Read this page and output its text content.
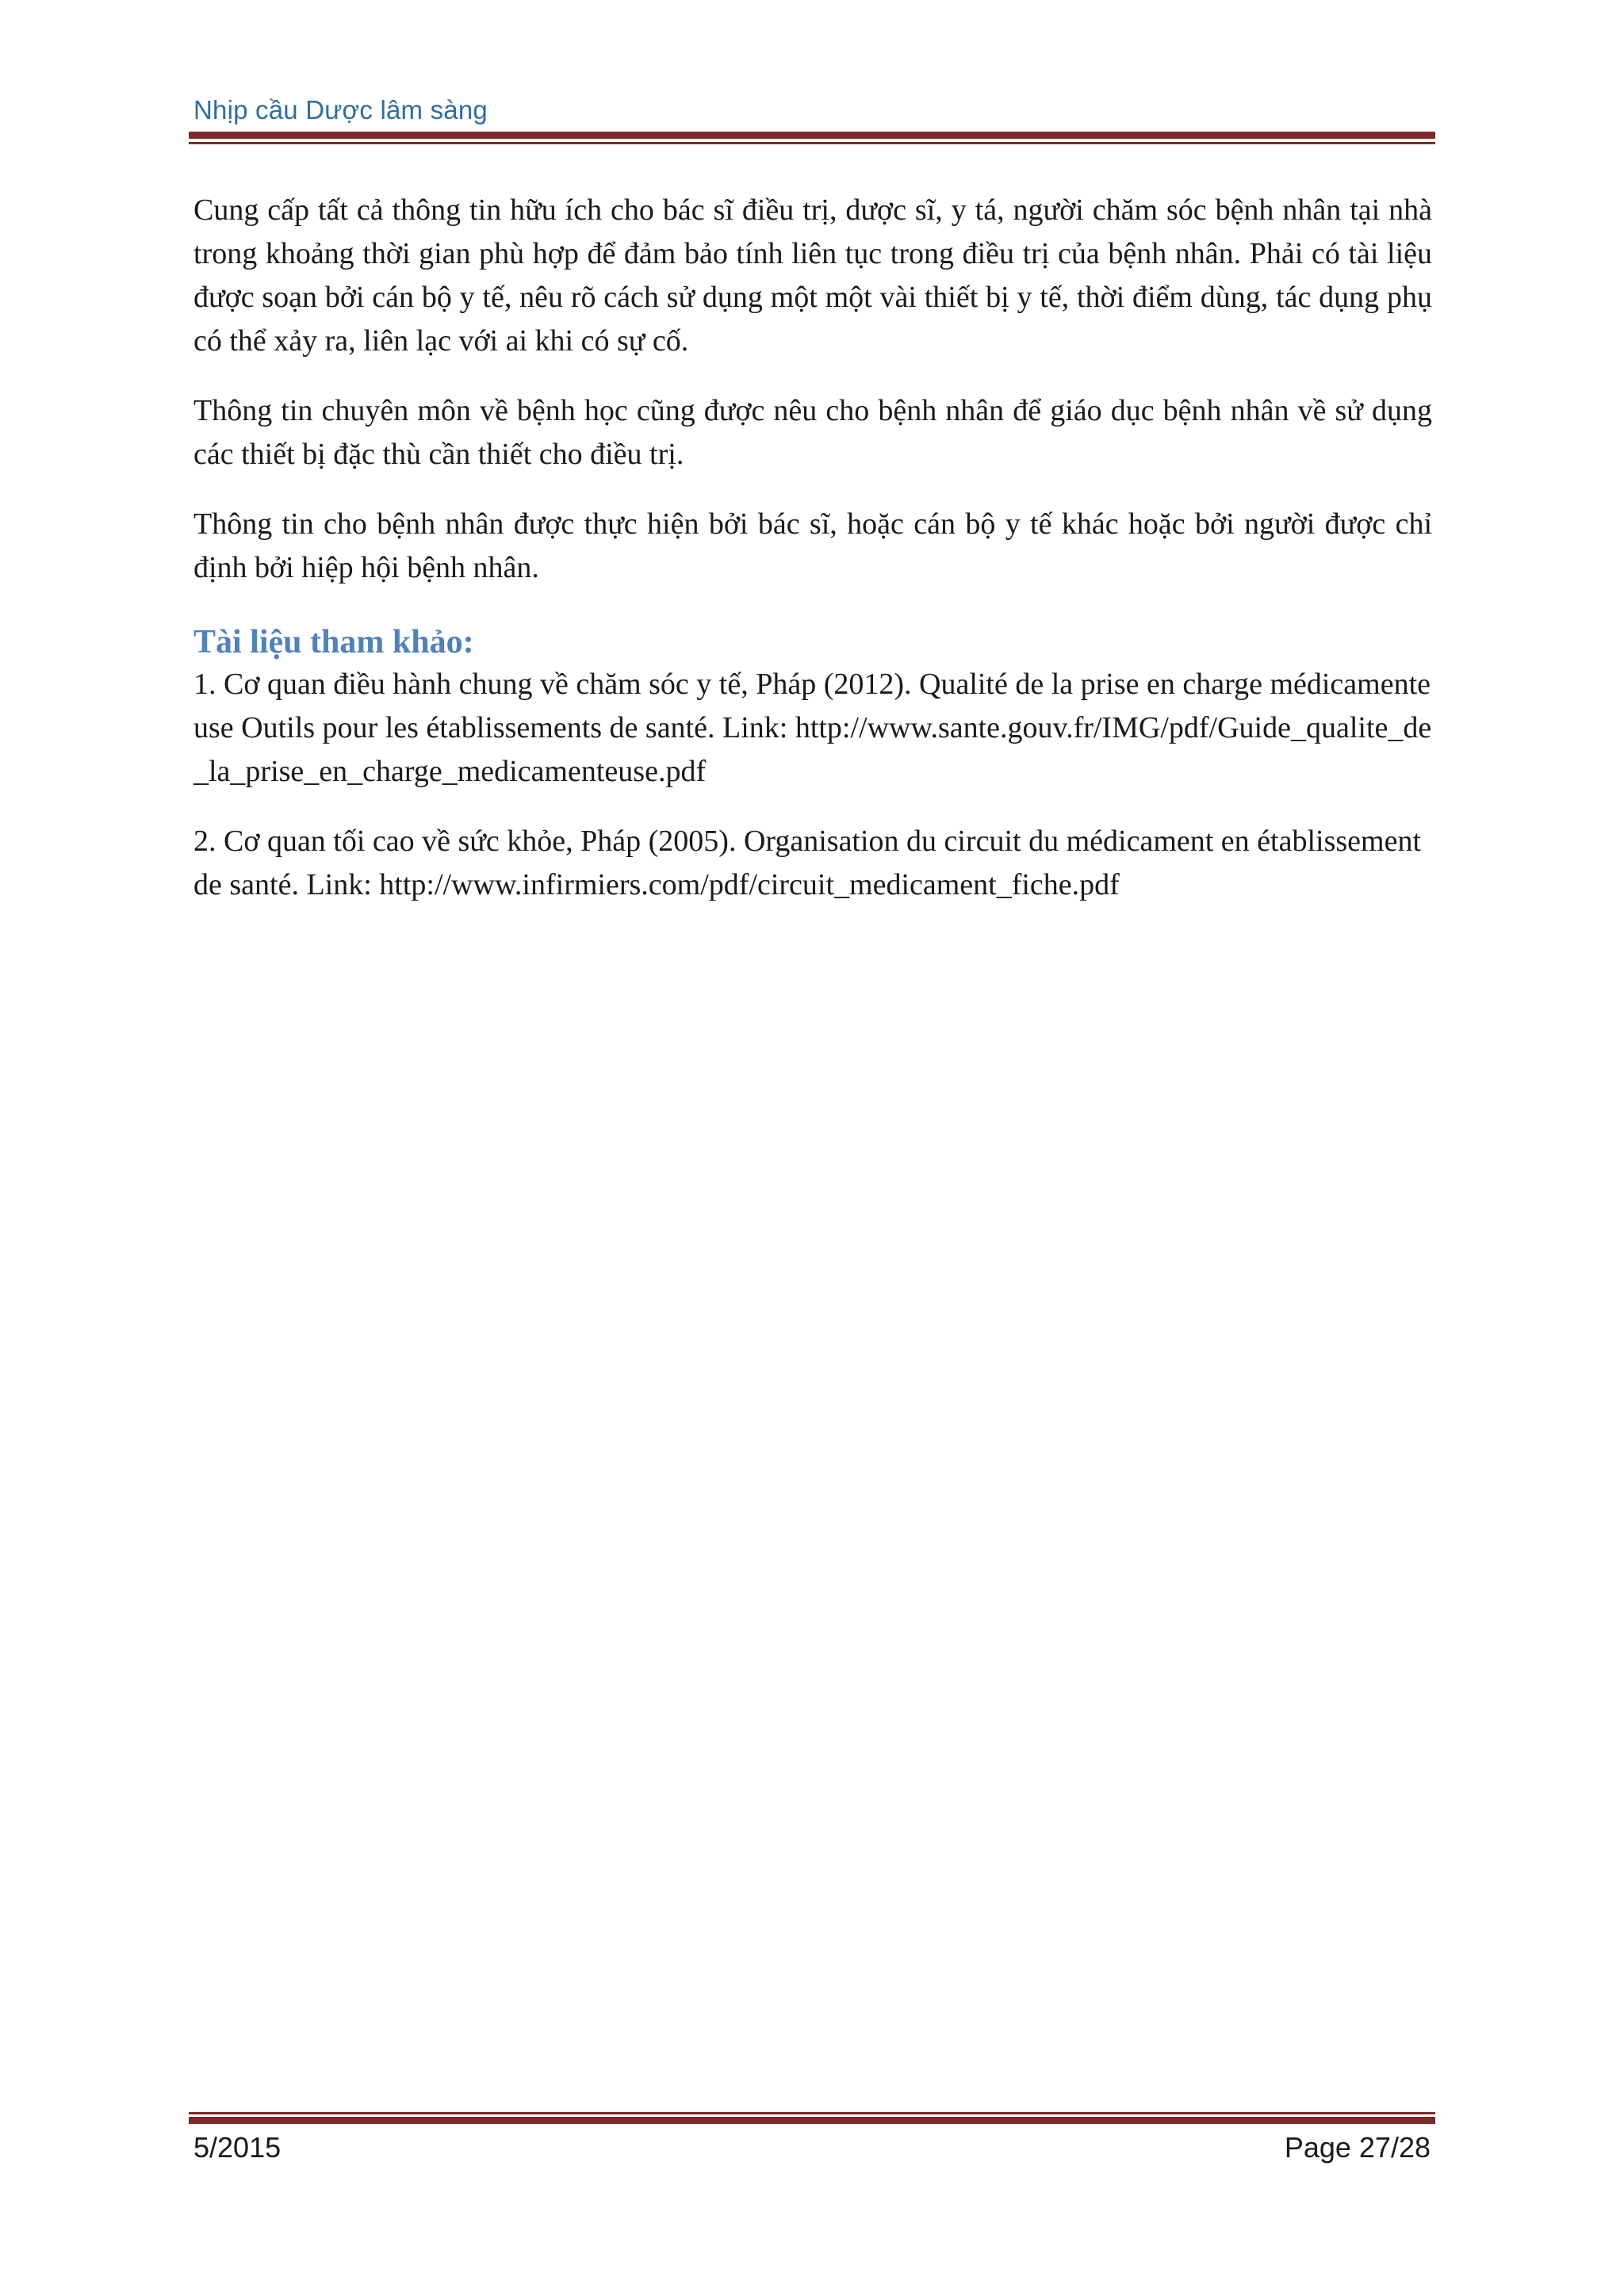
Nhịp cầu Dược lâm sàng

Cung cấp tất cả thông tin hữu ích cho bác sĩ điều trị, dược sĩ, y tá, người chăm sóc bệnh nhân tại nhà trong khoảng thời gian phù hợp để đảm bảo tính liên tục trong điều trị của bệnh nhân. Phải có tài liệu được soạn bởi cán bộ y tế, nêu rõ cách sử dụng một một vài thiết bị y tế, thời điểm dùng, tác dụng phụ có thể xảy ra, liên lạc với ai khi có sự cố.

Thông tin chuyên môn về bệnh học cũng được nêu cho bệnh nhân để giáo dục bệnh nhân về sử dụng các thiết bị đặc thù cần thiết cho điều trị.

Thông tin cho bệnh nhân được thực hiện bởi bác sĩ, hoặc cán bộ y tế khác hoặc bởi người được chỉ định bởi hiệp hội bệnh nhân.

Tài liệu tham khảo:

1. Cơ quan điều hành chung về chăm sóc y tế, Pháp (2012). Qualité de la prise en charge médicamenteuse Outils pour les établissements de santé. Link: http://www.sante.gouv.fr/IMG/pdf/Guide_qualite_de_la_prise_en_charge_medicamenteuse.pdf

2. Cơ quan tối cao về sức khỏe, Pháp (2005). Organisation du circuit du médicament en établissement de santé. Link: http://www.infirmiers.com/pdf/circuit_medicament_fiche.pdf

5/2015	Page 27/28
